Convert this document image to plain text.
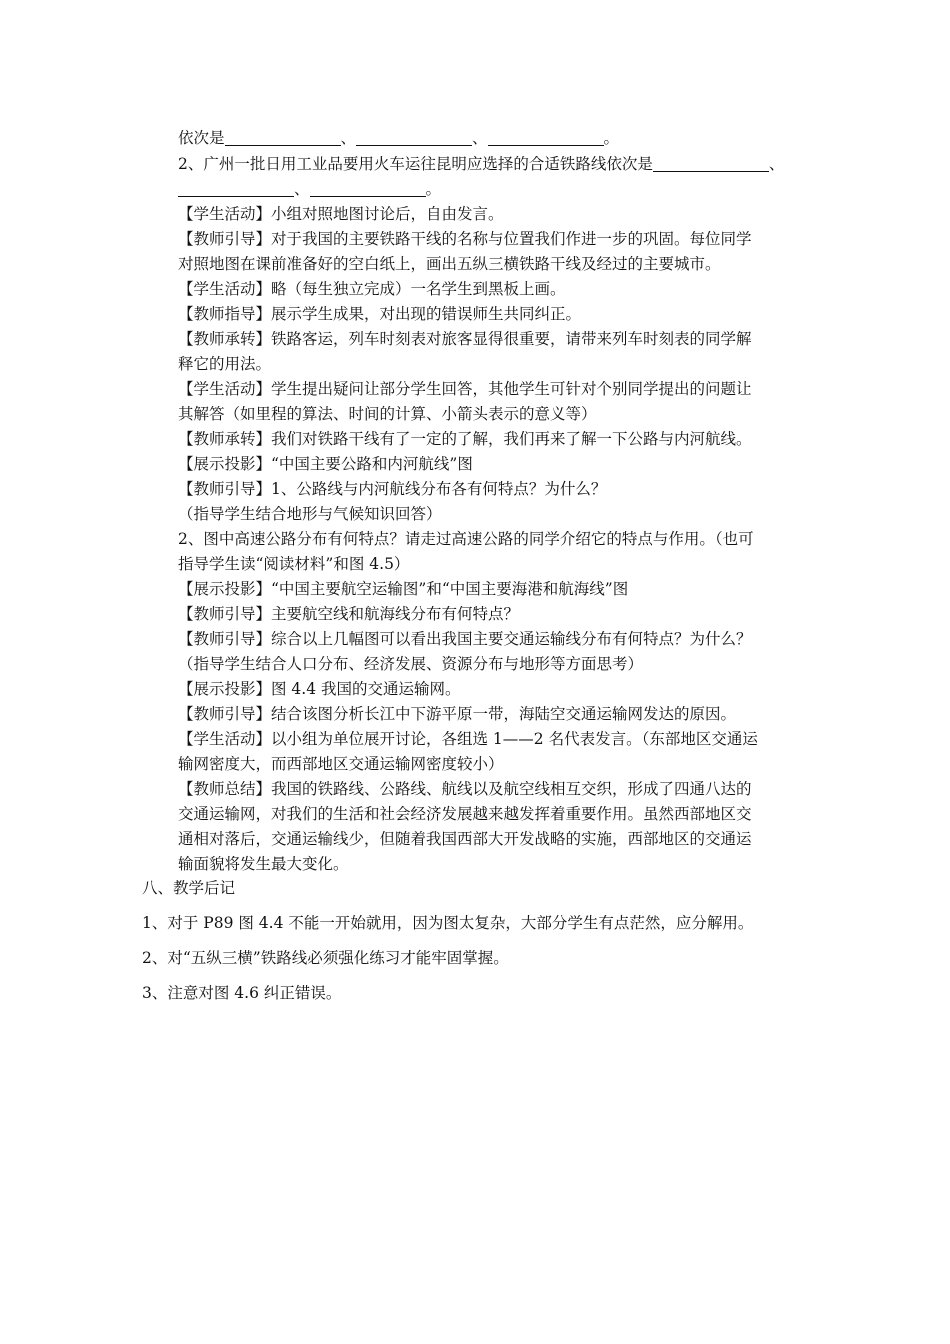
依次是	、	、	。
2、广州一批日用工业品要用火车运往昆明应选择的合适铁路线依次是	、
、	。
【学生活动】小组对照地图讨论后，自由发言。
【教师引导】对于我国的主要铁路干线的名称与位置我们作进一步的巩固。每位同学
对照地图在课前准备好的空白纸上，画出五纵三横铁路干线及经过的主要城市。
【学生活动】略（每生独立完成）一名学生到黑板上画。
【教师指导】展示学生成果，对出现的错误师生共同纠正。
【教师承转】铁路客运，列车时刻表对旅客显得很重要，请带来列车时刻表的同学解
释它的用法。
【学生活动】学生提出疑问让部分学生回答，其他学生可针对个别同学提出的问题让
其解答（如里程的算法、时间的计算、小箭头表示的意义等）
【教师承转】我们对铁路干线有了一定的了解，我们再来了解一下公路与内河航线。
【展示投影】“中国主要公路和内河航线”图
【教师引导】1、公路线与内河航线分布各有何特点？为什么？
（指导学生结合地形与气候知识回答）
2、图中高速公路分布有何特点？请走过高速公路的同学介绍它的特点与作用。（也可
指导学生读“阅读材料”和图 4.5）
【展示投影】“中国主要航空运输图”和“中国主要海港和航海线”图
【教师引导】主要航空线和航海线分布有何特点？
【教师引导】综合以上几幅图可以看出我国主要交通运输线分布有何特点？为什么？
（指导学生结合人口分布、经济发展、资源分布与地形等方面思考）
【展示投影】图 4.4 我国的交通运输网。
【教师引导】结合该图分析长江中下游平原一带，海陆空交通运输网发达的原因。
【学生活动】以小组为单位展开讨论，各组选 1——2 名代表发言。（东部地区交通运
输网密度大，而西部地区交通运输网密度较小）
【教师总结】我国的铁路线、公路线、航线以及航空线相互交织，形成了四通八达的
交通运输网，对我们的生活和社会经济发展越来越发挥着重要作用。虽然西部地区交
通相对落后，交通运输线少，但随着我国西部大开发战略的实施，西部地区的交通运
输面貌将发生最大变化。
八、教学后记
1、对于 P89 图 4.4 不能一开始就用，因为图太复杂，大部分学生有点茫然，应分解用。
2、对“五纵三横”铁路线必须强化练习才能牢固掌握。
3、注意对图 4.6 纠正错误。
